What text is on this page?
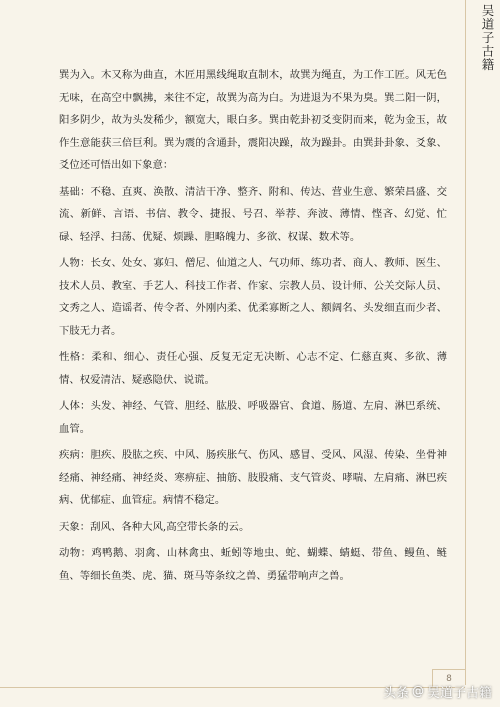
吴道子古籍

巽为入。木又称为曲直，木匠用黑线绳取直制木，故巽为绳直，为工作工匠。风无色无味，在高空中飘拂，来往不定，故巽为高为白。为进退为不果为臭。巽二阳一阴，阳多阴少，故为头发稀少，额宽大，眼白多。巽由乾卦初爻变阴而来，乾为金玉，故作生意能获三倍巨利。巽为震的含通卦，震阳决躁，故为躁卦。由巽卦卦象、爻象、爻位还可悟出如下象意：

基础：不稳、直爽、涣散、清洁干净、整齐、附和、传达、营业生意、繁荣昌盛、交流、新鲜、言语、书信、教令、捷报、号召、举荐、奔波、薄情、悭吝、幻觉、忙碌、轻浮、扫荡、优疑、烦躁、胆略魄力、多欲、权谋、数术等。

人物：长女、处女、寡妇、僧尼、仙道之人、气功师、练功者、商人、教师、医生、技术人员、教室、手艺人、科技工作者、作家、宗教人员、设计师、公关交际人员、文秀之人、造谣者、传令者、外刚内柔、优柔寡断之人、额阔名、头发细直而少者、下肢无力者。

性格：柔和、细心、责任心强、反复无定无决断、心志不定、仁慈直爽、多欲、薄情、权爱清洁、疑惑隐伏、说谎。

人体：头发、神经、气管、胆经、肱股、呼吸器官、食道、肠道、左肩、淋巴系统、血管。

疾病：胆疾、股肱之疾、中风、肠疾胀气、伤风、感冒、受风、风湿、传染、坐骨神经痛、神经痛、神经炎、寒痹症、抽筋、肢股痛、支气管炎、哮喘、左肩痛、淋巴疾病、优郁症、血管症。病情不稳定。

天象：刮风、各种大风,高空带长条的云。

动物：鸡鸭鹅、羽禽、山林禽虫、蚯蚓等地虫、蛇、蝴蝶、蜻蜓、带鱼、鳗鱼、鲢鱼、等细长鱼类、虎、猫、斑马等条纹之兽、勇猛带响声之兽。

8
头条 @ 吴道子古籍
